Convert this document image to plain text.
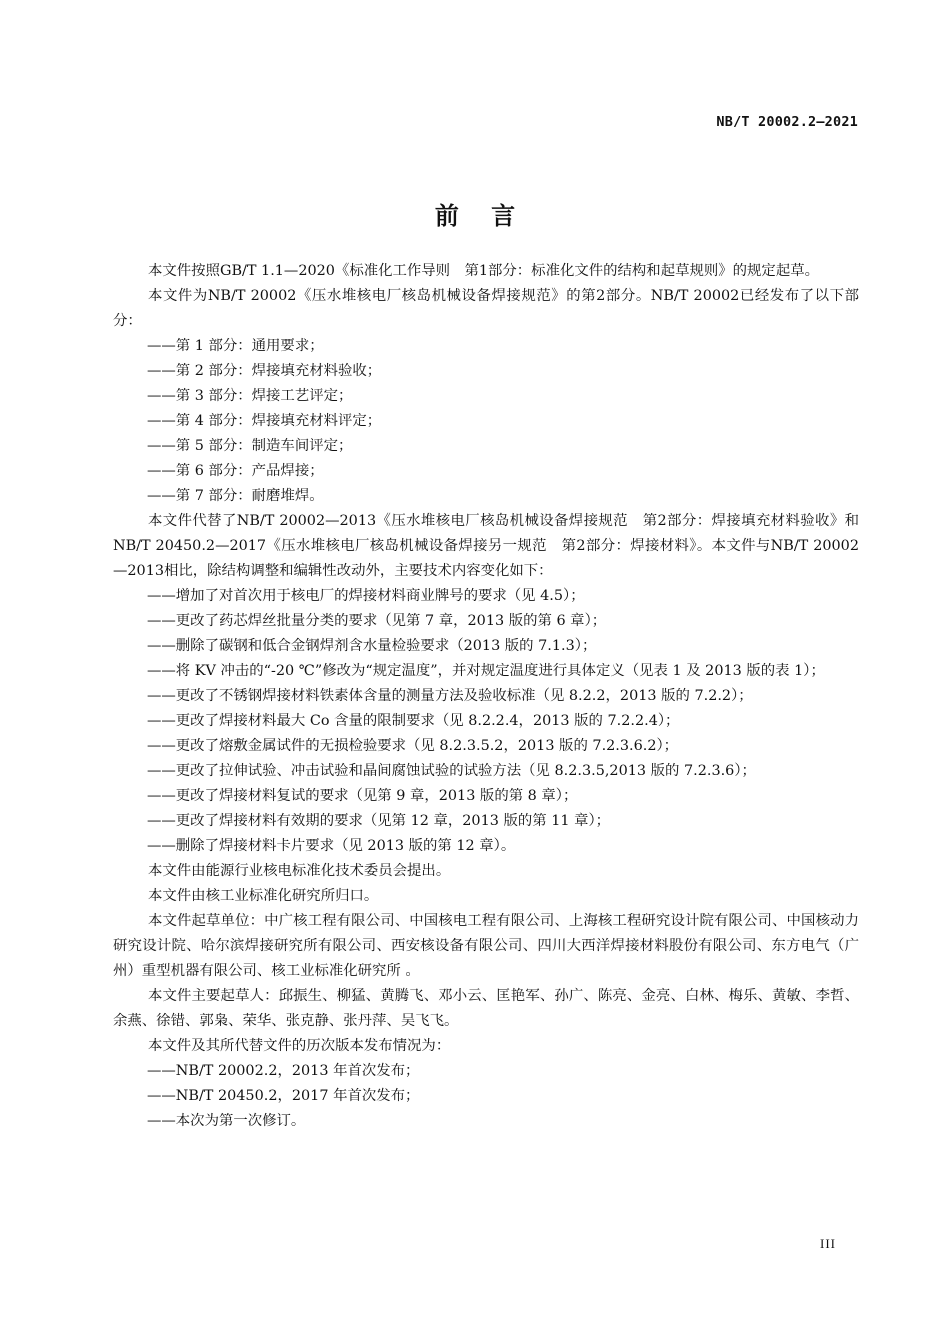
NB/T 20002.2—2021
前 言

本文件按照GB/T 1.1—2020《标准化工作导则　第1部分：标准化文件的结构和起草规则》的规定起草。

本文件为NB/T 20002《压水堆核电厂核岛机械设备焊接规范》的第2部分。NB/T 20002已经发布了以下部分：

——第 1 部分：通用要求；

——第 2 部分：焊接填充材料验收；

——第 3 部分：焊接工艺评定；

——第 4 部分：焊接填充材料评定；

——第 5 部分：制造车间评定；

——第 6 部分：产品焊接；

——第 7 部分：耐磨堆焊。

本文件代替了NB/T 20002—2013《压水堆核电厂核岛机械设备焊接规范　第2部分：焊接填充材料验收》和NB/T 20450.2—2017《压水堆核电厂核岛机械设备焊接另一规范　第2部分：焊接材料》。本文件与NB/T 20002—2013相比，除结构调整和编辑性改动外，主要技术内容变化如下：

——增加了对首次用于核电厂的焊接材料商业牌号的要求（见 4.5）；

——更改了药芯焊丝批量分类的要求（见第 7 章，2013 版的第 6 章）；

——删除了碳钢和低合金钢焊剂含水量检验要求（2013 版的 7.1.3）；

——将 KV 冲击的“-20 ℃”修改为“规定温度”，并对规定温度进行具体定义（见表 1 及 2013 版的表 1）；

——更改了不锈钢焊接材料铁素体含量的测量方法及验收标准（见 8.2.2，2013 版的 7.2.2）；

——更改了焊接材料最大 Co 含量的限制要求（见 8.2.2.4，2013 版的 7.2.2.4）；

——更改了熔敷金属试件的无损检验要求（见 8.2.3.5.2，2013 版的 7.2.3.6.2）；

——更改了拉伸试验、冲击试验和晶间腐蚀试验的试验方法（见 8.2.3.5,2013 版的 7.2.3.6）；

——更改了焊接材料复试的要求（见第 9 章，2013 版的第 8 章）；

——更改了焊接材料有效期的要求（见第 12 章，2013 版的第 11 章）；

——删除了焊接材料卡片要求（见 2013 版的第 12 章）。

本文件由能源行业核电标准化技术委员会提出。

本文件由核工业标准化研究所归口。

本文件起草单位：中广核工程有限公司、中国核电工程有限公司、上海核工程研究设计院有限公司、中国核动力研究设计院、哈尔滨焊接研究所有限公司、西安核设备有限公司、四川大西洋焊接材料股份有限公司、东方电气（广州）重型机器有限公司、核工业标准化研究所 。

本文件主要起草人：邱振生、柳猛、黄腾飞、邓小云、匡艳军、孙广、陈亮、金亮、白林、梅乐、黄敏、李哲、余燕、徐错、郭枭、荣华、张克静、张丹萍、吴飞飞。

本文件及其所代替文件的历次版本发布情况为：

——NB/T 20002.2，2013 年首次发布；

——NB/T 20450.2，2017 年首次发布；

——本次为第一次修订。

III
